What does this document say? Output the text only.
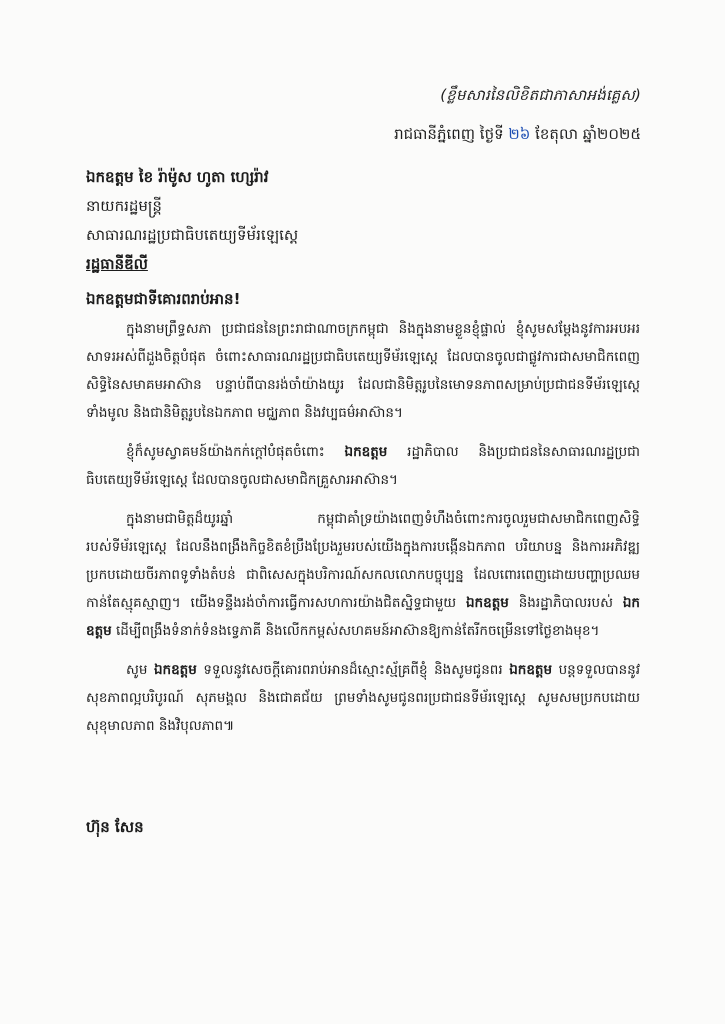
(ខ្លឹមសារនៃលិខិតជាភាសាអង់គ្លេស)
រាជធានីភ្នំពេញ ថ្ងៃទី ២៦ ខែតុលា ឆ្នាំ២០២៥
ឯកឧត្តម ខៃ រ៉ាម៉ូស ហូតា ហ្សេរ៉ាវ
នាយករដ្ឋមន្ត្រី
សាធារណរដ្ឋប្រជាធិបតេយ្យទីម័រឡេស្តេ
រដ្ឋធានីឌីលី
ឯកឧត្តមជាទីគោរពរាប់អាន!

ក្នុងនាមព្រឹទ្ធសភា ប្រជាជននៃព្រះរាជាណាចក្រកម្ពុជា និងក្នុងនាមខ្លួនខ្ញុំផ្ទាល់ ខ្ញុំសូមសម្ដែងនូវការអបអរសាទរអស់ពីដួងចិត្តបំផុត ចំពោះសាធារណរដ្ឋប្រជាធិបតេយ្យទីម័រឡេស្តេ ដែលបានចូលជាផ្លូវការជាសមាជិកពេញសិទ្ធិនៃសមាគមអាស៊ាន បន្ទាប់ពីបានរង់ចាំយ៉ាងយូរ ដែលជានិមិត្តរូបនៃមោទនភាពសម្រាប់ប្រជាជនទីម័រឡេស្តេទាំងមូល និងជានិមិត្តរូបនៃឯកភាព មជ្ឈភាព និងវប្បធម៌អាស៊ាន។

ខ្ញុំក៏សូមស្វាគមន៍យ៉ាងកក់ក្ដៅបំផុតចំពោះ ឯកឧត្តម រដ្ឋាភិបាល និងប្រជាជននៃសាធារណរដ្ឋប្រជាធិបតេយ្យទីម័រឡេស្តេ ដែលបានចូលជាសមាជិកគ្រួសារអាស៊ាន។

ក្នុងនាមជាមិត្តដ៏យូរឆ្នាំ កម្ពុជាគាំទ្រយ៉ាងពេញទំហឹងចំពោះការចូលរួមជាសមាជិកពេញសិទ្ធិរបស់ទីម័រឡេស្តេ ដែលនឹងពង្រឹងកិច្ចខិតខំប្រឹងប្រែងរួមរបស់យើងក្នុងការបង្កើនឯកភាព បរិយាបន្ន និងការអភិវឌ្ឍប្រកបដោយចីរភាពទូទាំងតំបន់ ជាពិសេសក្នុងបរិការណ៍សកលលោកបច្ចុប្បន្ន ដែលពោរពេញដោយបញ្ហាប្រឈមកាន់តែស្មុគស្មាញ។ យើងទន្ទឹងរង់ចាំការធ្វើការសហការយ៉ាងជិតស្និទ្ធជាមួយ ឯកឧត្តម និងរដ្ឋាភិបាលរបស់ ឯកឧត្តម ដើម្បីពង្រឹងទំនាក់ទំនងទ្វេភាគី និងលើកកម្ពស់សហគមន៍អាស៊ានឱ្យកាន់តែរីកចម្រើនទៅថ្ងៃខាងមុខ។

សូម ឯកឧត្តម ទទួលនូវសេចក្ដីគោរពរាប់អានដ៏ស្មោះស្ម័គ្រពីខ្ញុំ និងសូមជូនពរ ឯកឧត្តម បន្តទទួលបាននូវសុខភាពល្អបរិបូរណ៍ សុភមង្គល និងជោគជ័យ ព្រមទាំងសូមជូនពរប្រជាជនទីម័រឡេស្តេ សូមសមប្រកបដោយសុខុមាលភាព និងវិបុលភាព៕

ហ៊ុន សែន
